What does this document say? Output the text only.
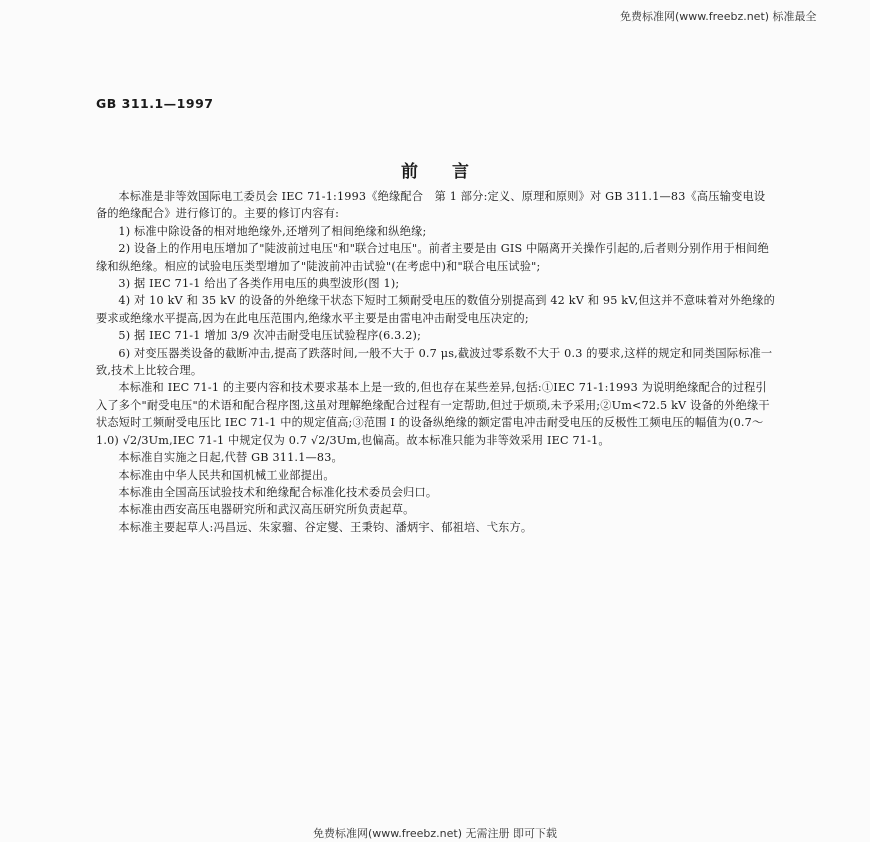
免费标准网(www.freebz.net) 标准最全
GB 311.1—1997
前言

本标准是非等效国际电工委员会 IEC 71-1:1993《绝缘配合　第 1 部分:定义、原理和原则》对 GB 311.1—83《高压输变电设备的绝缘配合》进行修订的。主要的修订内容有:

1) 标准中除设备的相对地绝缘外,还增列了相间绝缘和纵绝缘;

2) 设备上的作用电压增加了"陡波前过电压"和"联合过电压"。前者主要是由 GIS 中隔离开关操作引起的,后者则分别作用于相间绝缘和纵绝缘。相应的试验电压类型增加了"陡波前冲击试验"(在考虑中)和"联合电压试验";

3) 据 IEC 71-1 给出了各类作用电压的典型波形(图 1);

4) 对 10 kV 和 35 kV 的设备的外绝缘干状态下短时工频耐受电压的数值分别提高到 42 kV 和 95 kV,但这并不意味着对外绝缘的要求或绝缘水平提高,因为在此电压范围内,绝缘水平主要是由雷电冲击耐受电压决定的;

5) 据 IEC 71-1 增加 3/9 次冲击耐受电压试验程序(6.3.2);

6) 对变压器类设备的截断冲击,提高了跌落时间,一般不大于 0.7 μs,截波过零系数不大于 0.3 的要求,这样的规定和同类国际标准一致,技术上比较合理。

本标准和 IEC 71-1 的主要内容和技术要求基本上是一致的,但也存在某些差异,包括:①IEC 71-1:1993 为说明绝缘配合的过程引入了多个"耐受电压"的术语和配合程序图,这虽对理解绝缘配合过程有一定帮助,但过于烦琐,未予采用;②Um<72.5 kV 设备的外绝缘干状态短时工频耐受电压比 IEC 71-1 中的规定值高;③范围 I 的设备纵绝缘的额定雷电冲击耐受电压的反极性工频电压的幅值为(0.7～1.0) √2/3Um,IEC 71-1 中规定仅为 0.7 √2/3Um,也偏高。故本标准只能为非等效采用 IEC 71-1。

本标准自实施之日起,代替 GB 311.1—83。

本标准由中华人民共和国机械工业部提出。

本标准由全国高压试验技术和绝缘配合标准化技术委员会归口。

本标准由西安高压电器研究所和武汉高压研究所负责起草。

本标准主要起草人:冯昌远、朱家骝、谷定燮、王秉钧、潘炳宇、郁祖培、弋东方。

免费标准网(www.freebz.net) 无需注册 即可下载
